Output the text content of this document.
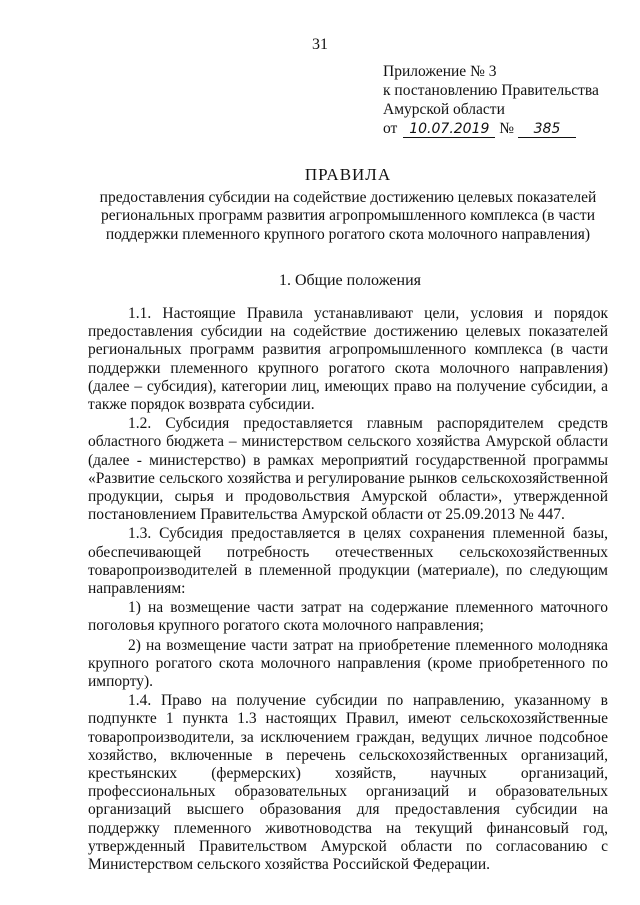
31
Приложение № 3
к постановлению Правительства
Амурской области
от 10.07.2019 № 385
ПРАВИЛА
предоставления субсидии на содействие достижению целевых показателей региональных программ развития агропромышленного комплекса (в части поддержки племенного крупного рогатого скота молочного направления)
1. Общие положения

1.1. Настоящие Правила устанавливают цели, условия и порядок предоставления субсидии на содействие достижению целевых показателей региональных программ развития агропромышленного комплекса (в части поддержки племенного крупного рогатого скота молочного направления) (далее – субсидия), категории лиц, имеющих право на получение субсидии, а также порядок возврата субсидии.

1.2. Субсидия предоставляется главным распорядителем средств областного бюджета – министерством сельского хозяйства Амурской области (далее - министерство) в рамках мероприятий государственной программы «Развитие сельского хозяйства и регулирование рынков сельскохозяйственной продукции, сырья и продовольствия Амурской области», утвержденной постановлением Правительства Амурской области от 25.09.2013 № 447.

1.3. Субсидия предоставляется в целях сохранения племенной базы, обеспечивающей потребность отечественных сельскохозяйственных товаропроизводителей в племенной продукции (материале), по следующим направлениям:

1) на возмещение части затрат на содержание племенного маточного поголовья крупного рогатого скота молочного направления;

2) на возмещение части затрат на приобретение племенного молодняка крупного рогатого скота молочного направления (кроме приобретенного по импорту).

1.4. Право на получение субсидии по направлению, указанному в подпункте 1 пункта 1.3 настоящих Правил, имеют сельскохозяйственные товаропроизводители, за исключением граждан, ведущих личное подсобное хозяйство, включенные в перечень сельскохозяйственных организаций, крестьянских (фермерских) хозяйств, научных организаций, профессиональных образовательных организаций и образовательных организаций высшего образования для предоставления субсидии на поддержку племенного животноводства на текущий финансовый год, утвержденный Правительством Амурской области по согласованию с Министерством сельского хозяйства Российской Федерации.
